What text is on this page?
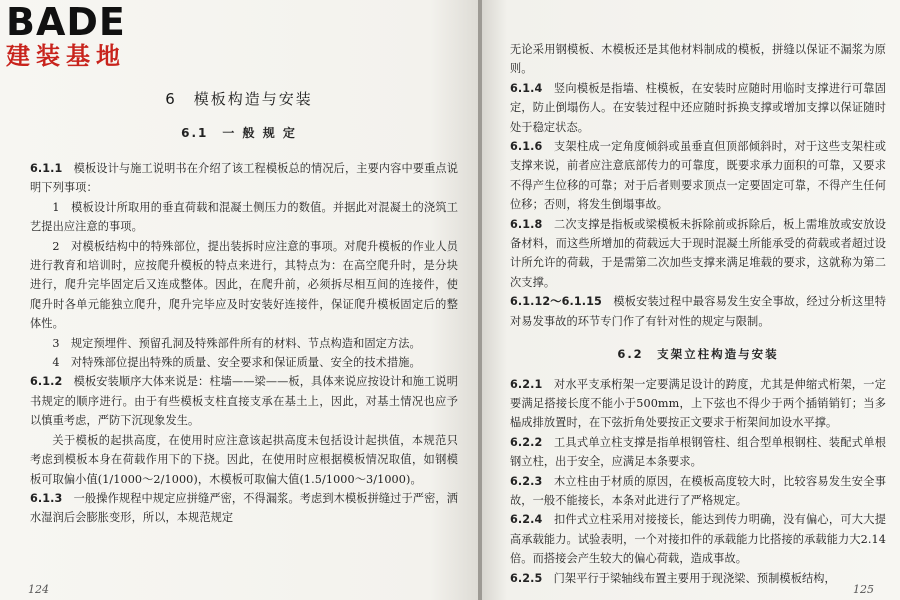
BADE
建装基地
6　模板构造与安装
6.1　一 般 规 定

6.1.1　模板设计与施工说明书在介绍了该工程模板总的情况后，主要内容中要重点说明下列事项：

1　模板设计所取用的垂直荷载和混凝土侧压力的数值。并据此对混凝土的浇筑工艺提出应注意的事项。

2　对模板结构中的特殊部位，提出装拆时应注意的事项。对爬升模板的作业人员进行教育和培训时，应按爬升模板的特点来进行，其特点为：在高空爬升时，是分块进行，爬升完毕固定后又连成整体。因此，在爬升前，必须拆尽相互间的连接件，使爬升时各单元能独立爬升，爬升完毕应及时安装好连接件，保证爬升模板固定后的整体性。

3　规定预埋件、预留孔洞及特殊部件所有的材料、节点构造和固定方法。

4　对特殊部位提出特殊的质量、安全要求和保证质量、安全的技术措施。

6.1.2　模板安装顺序大体来说是：柱墙——梁——板，具体来说应按设计和施工说明书规定的顺序进行。由于有些模板支柱直接支承在基土上，因此，对基土情况也应予以慎重考虑，严防下沉现象发生。

关于模板的起拱高度，在使用时应注意该起拱高度未包括设计起拱值，本规范只考虑到模板本身在荷载作用下的下挠。因此，在使用时应根据模板情况取值，如钢模板可取偏小值(1/1000～2/1000)，木模板可取偏大值(1.5/1000～3/1000)。

6.1.3　一般操作规程中规定应拼缝严密，不得漏浆。考虑到木模板拼缝过于严密，洒水湿润后会膨胀变形，所以，本规范规定

124

无论采用钢模板、木模板还是其他材料制成的模板，拼缝以保证不漏浆为原则。

6.1.4　竖向模板是指墙、柱模板，在安装时应随时用临时支撑进行可靠固定，防止倒塌伤人。在安装过程中还应随时拆换支撑或增加支撑以保证随时处于稳定状态。

6.1.6　支架柱成一定角度倾斜或虽垂直但顶部倾斜时，对于这些支架柱或支撑来说，前者应注意底部传力的可靠度，既要求承力面积的可靠，又要求不得产生位移的可靠；对于后者则要求顶点一定要固定可靠，不得产生任何位移；否则，将发生倒塌事故。

6.1.8　二次支撑是指板或梁模板未拆除前或拆除后，板上需堆放或安放设备材料，而这些所增加的荷载远大于现时混凝土所能承受的荷载或者超过设计所允许的荷载，于是需第二次加些支撑来满足堆载的要求，这就称为第二次支撑。

6.1.12～6.1.15　模板安装过程中最容易发生安全事故，经过分析这里特对易发事故的环节专门作了有针对性的规定与限制。

6.2　支架立柱构造与安装

6.2.1　对水平支承桁架一定要满足设计的跨度，尤其是伸缩式桁架，一定要满足搭接长度不能小于500mm，上下弦也不得少于两个插销销钉；当多榀成排放置时，在下弦折角处要按正文要求于桁架间加设水平撑。

6.2.2　工具式单立柱支撑是指单根钢管柱、组合型单根钢柱、装配式单根钢立柱，出于安全，应满足本条要求。

6.2.3　木立柱由于材质的原因，在模板高度较大时，比较容易发生安全事故，一般不能接长，本条对此进行了严格规定。

6.2.4　扣件式立柱采用对接接长，能达到传力明确，没有偏心，可大大提高承载能力。试验表明，一个对接扣件的承载能力比搭接的承载能力大2.14倍。而搭接会产生较大的偏心荷载，造成事故。

6.2.5　门架平行于梁轴线布置主要用于现浇梁、预制模板结构，

125
